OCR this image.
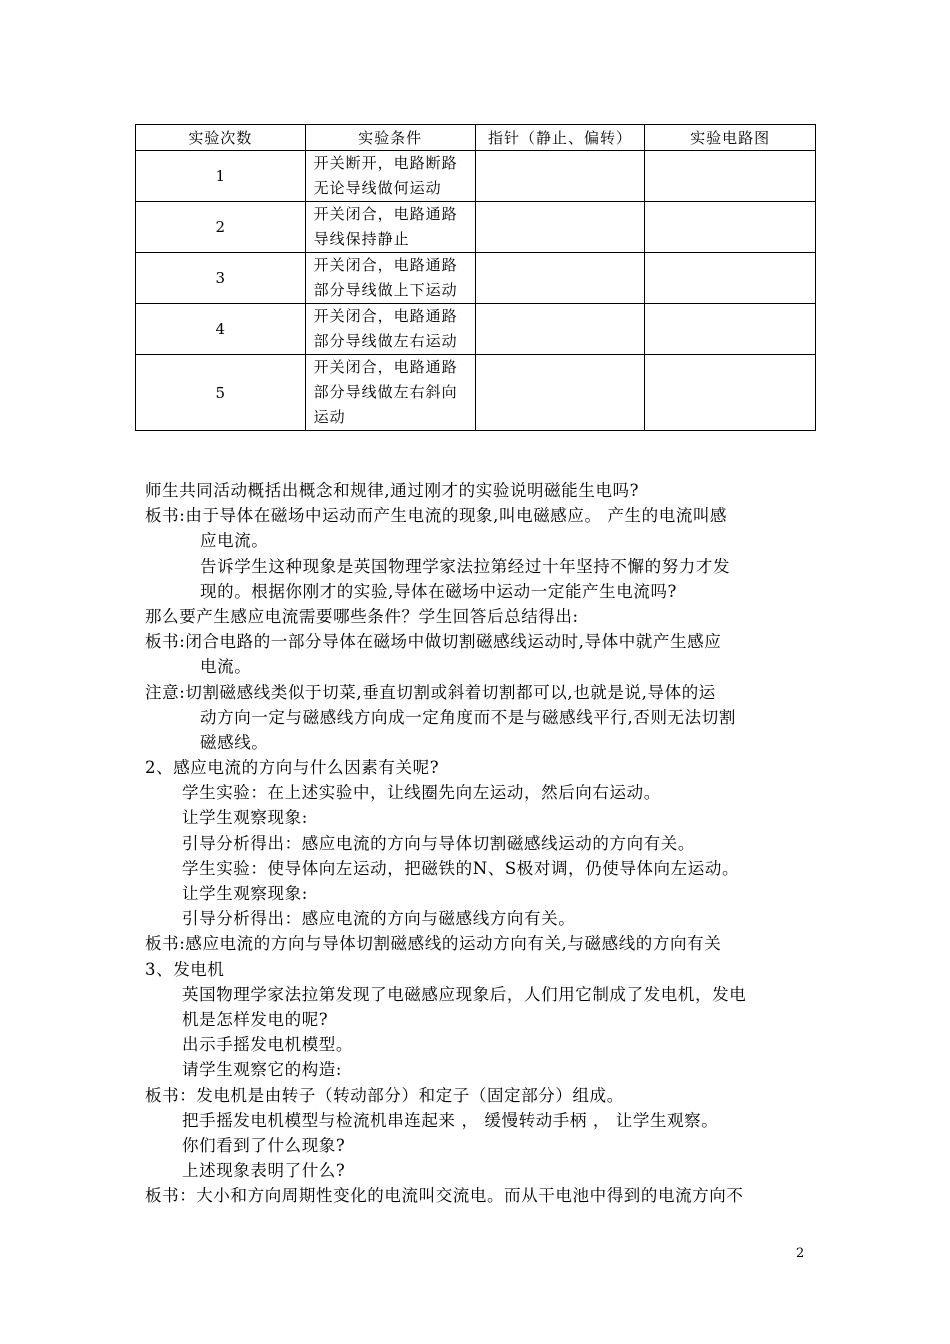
实验次数	实验条件	指针（静止、偏转）	实验电路图
1	开关断开，电路断路
无论导线做何运动		

2	开关闭合，电路通路
导线保持静止		

3	开关闭合，电路通路
部分导线做上下运动		

4	开关闭合，电路通路
部分导线做左右运动		

5	开关闭合，电路通路
部分导线做左右斜向
运动		

师生共同活动概括出概念和规律,通过刚才的实验说明磁能生电吗?
板书:由于导体在磁场中运动而产生电流的现象,叫电磁感应。 产生的电流叫感
应电流。
告诉学生这种现象是英国物理学家法拉第经过十年坚持不懈的努力才发
现的。根据你刚才的实验,导体在磁场中运动一定能产生电流吗?
那么要产生感应电流需要哪些条件？学生回答后总结得出:
板书:闭合电路的一部分导体在磁场中做切割磁感线运动时,导体中就产生感应
电流。
注意:切割磁感线类似于切菜,垂直切割或斜着切割都可以,也就是说,导体的运
动方向一定与磁感线方向成一定角度而不是与磁感线平行,否则无法切割
磁感线。
2、感应电流的方向与什么因素有关呢?
学生实验：在上述实验中，让线圈先向左运动，然后向右运动。
让学生观察现象:
引导分析得出：感应电流的方向与导体切割磁感线运动的方向有关。
学生实验：使导体向左运动，把磁铁的N、S极对调，仍使导体向左运动。
让学生观察现象:
引导分析得出：感应电流的方向与磁感线方向有关。
板书:感应电流的方向与导体切割磁感线的运动方向有关,与磁感线的方向有关
3、发电机
英国物理学家法拉第发现了电磁感应现象后，人们用它制成了发电机，发电
机是怎样发电的呢?
出示手摇发电机模型。
请学生观察它的构造:
板书：发电机是由转子（转动部分）和定子（固定部分）组成。
把手摇发电机模型与检流机串连起来 ， 缓慢转动手柄 ， 让学生观察。
你们看到了什么现象?
上述现象表明了什么?
板书：大小和方向周期性变化的电流叫交流电。而从干电池中得到的电流方向不
2
